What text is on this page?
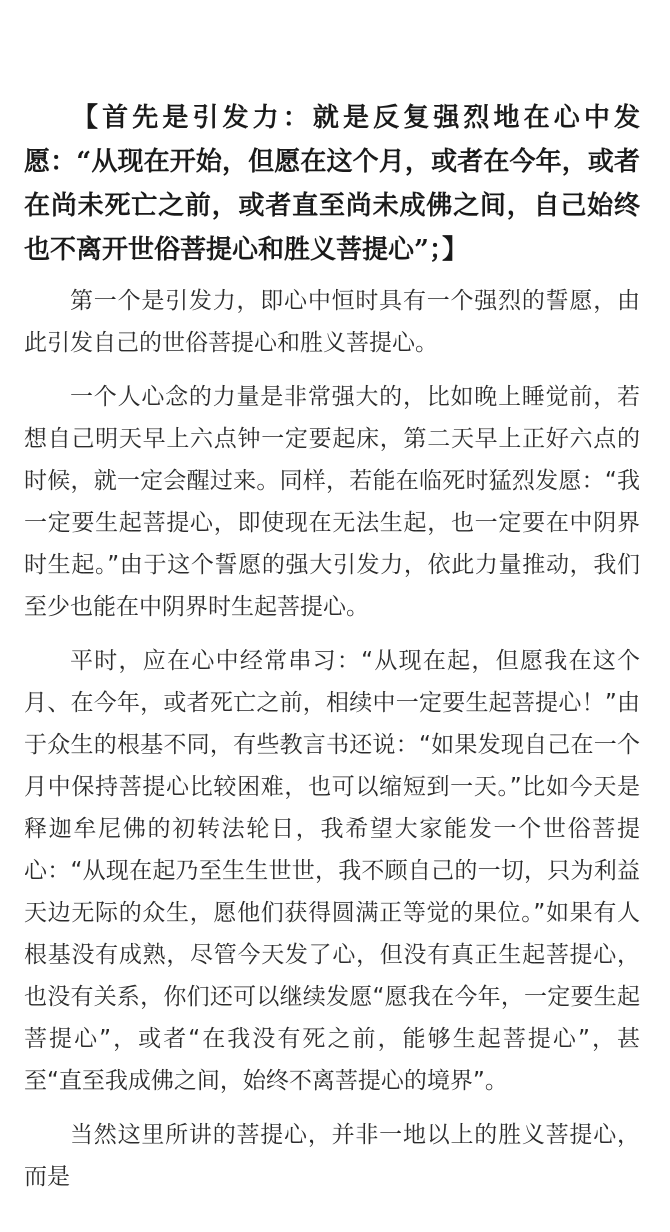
【首先是引发力：就是反复强烈地在心中发愿：“从现在开始，但愿在这个月，或者在今年，或者在尚未死亡之前，或者直至尚未成佛之间，自己始终也不离开世俗菩提心和胜义菩提心”；】

第一个是引发力，即心中恒时具有一个强烈的誓愿，由此引发自己的世俗菩提心和胜义菩提心。

一个人心念的力量是非常强大的，比如晚上睡觉前，若想自己明天早上六点钟一定要起床，第二天早上正好六点的时候，就一定会醒过来。同样，若能在临死时猛烈发愿：“我一定要生起菩提心，即使现在无法生起，也一定要在中阴界时生起。”由于这个誓愿的强大引发力，依此力量推动，我们至少也能在中阴界时生起菩提心。

平时，应在心中经常串习：“从现在起，但愿我在这个月、在今年，或者死亡之前，相续中一定要生起菩提心！”由于众生的根基不同，有些教言书还说：“如果发现自己在一个月中保持菩提心比较困难，也可以缩短到一天。”比如今天是释迦牟尼佛的初转法轮日，我希望大家能发一个世俗菩提心：“从现在起乃至生生世世，我不顾自己的一切，只为利益天边无际的众生，愿他们获得圆满正等觉的果位。”如果有人根基没有成熟，尽管今天发了心，但没有真正生起菩提心，也没有关系，你们还可以继续发愿“愿我在今年，一定要生起菩提心”，或者“在我没有死之前，能够生起菩提心”，甚至“直至我成佛之间，始终不离菩提心的境界”。

当然这里所讲的菩提心，并非一地以上的胜义菩提心，而是
